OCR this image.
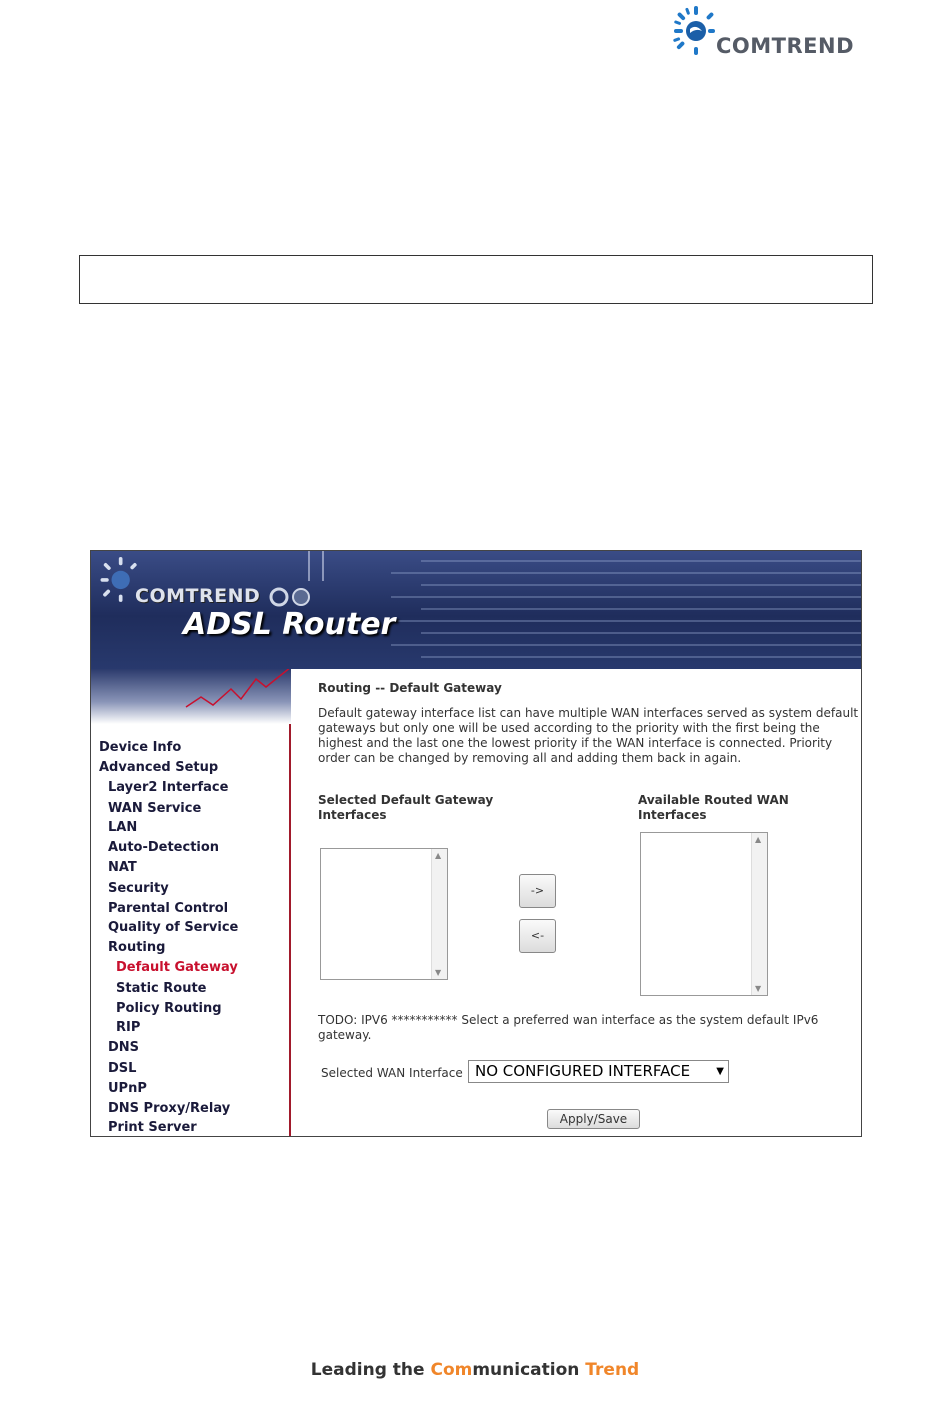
COMTREND
COMTREND
ADSL Router
Device Info
Advanced Setup
Layer2 Interface
WAN Service
LAN
Auto-Detection
NAT
Security
Parental Control
Quality of Service
Routing
Default Gateway
Static Route
Policy Routing
RIP
DNS
DSL
UPnP
DNS Proxy/Relay
Print Server
Routing -- Default Gateway
Default gateway interface list can have multiple WAN interfaces served as system default gateways but only one will be used according to the priority with the first being the highest and the last one the lowest priority if the WAN interface is connected. Priority order can be changed by removing all and adding them back in again.
Selected Default Gateway Interfaces
Available Routed WAN Interfaces
▲
▼
->
<-
▲
▼
TODO: IPV6 *********** Select a preferred wan interface as the system default IPv6 gateway.
Selected WAN Interface NO CONFIGURED INTERFACE	▼
Apply/Save
Leading the Communication Trend
